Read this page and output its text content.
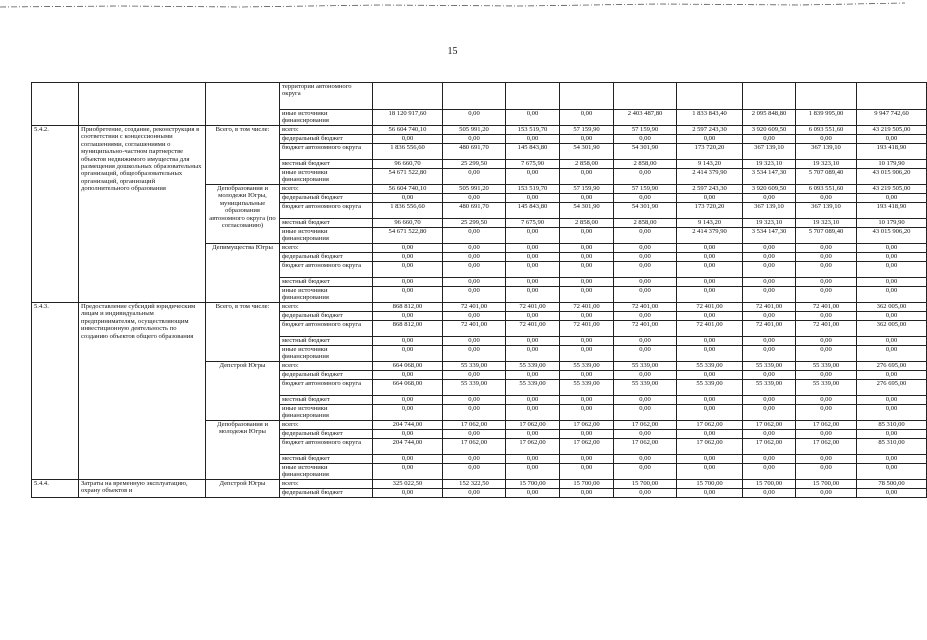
15
			территории автономного округа									
			иные источники финансирования	18 120 917,60	0,00	0,00	0,00	2 403 487,80	1 833 843,40	2 095 848,80	1 839 995,00	9 947 742,60
5.4.2.	Приобретение, создание, реконструкция в соответствии с концессионными соглашениями, соглашениями о муниципально-частном партнерстве объектов недвижимого имущества для размещения дошкольных образовательных организаций, общеобразовательных организаций, организаций дополнительного образования	Всего, в том числе:	всего:	56 604 740,10	505 991,20	153 519,70	57 159,90	57 159,90	2 597 243,30	3 920 609,50	6 093 551,60	43 219 505,00
			федеральный бюджет	0,00	0,00	0,00	0,00	0,00	0,00	0,00	0,00	0,00
			бюджет автономного округа	1 836 556,60	480 691,70	145 843,80	54 301,90	54 301,90	173 720,20	367 139,10	367 139,10	193 418,90
			местный бюджет	96 660,70	25 299,50	7 675,90	2 858,00	2 858,00	9 143,20	19 323,10	19 323,10	10 179,90
			иные источники финансирования	54 671 522,80	0,00	0,00	0,00	0,00	2 414 379,90	3 534 147,30	5 707 089,40	43 015 906,20
		Депобразования и молодежи Югры, муниципальные образования автономного округа (по согласованию)	всего:	56 604 740,10	505 991,20	153 519,70	57 159,90	57 159,90	2 597 243,30	3 920 609,50	6 093 551,60	43 219 505,00
			федеральный бюджет	0,00	0,00	0,00	0,00	0,00	0,00	0,00	0,00	0,00
			бюджет автономного округа	1 836 556,60	480 691,70	145 843,80	54 301,90	54 301,90	173 720,20	367 139,10	367 139,10	193 418,90
			местный бюджет	96 660,70	25 299,50	7 675,90	2 858,00	2 858,00	9 143,20	19 323,10	19 323,10	10 179,90
			иные источники финансирования	54 671 522,80	0,00	0,00	0,00	0,00	2 414 379,90	3 534 147,30	5 707 089,40	43 015 906,20
		Депимущества Югры	всего:	0,00	0,00	0,00	0,00	0,00	0,00	0,00	0,00	0,00
			федеральный бюджет	0,00	0,00	0,00	0,00	0,00	0,00	0,00	0,00	0,00
			бюджет автономного округа	0,00	0,00	0,00	0,00	0,00	0,00	0,00	0,00	0,00
			местный бюджет	0,00	0,00	0,00	0,00	0,00	0,00	0,00	0,00	0,00
			иные источники финансирования	0,00	0,00	0,00	0,00	0,00	0,00	0,00	0,00	0,00
5.4.3.	Предоставление субсидий юридическим лицам и индивидуальным предпринимателям, осуществляющим инвестиционную деятельность по созданию объектов общего образования	Всего, в том числе:	всего:	868 812,00	72 401,00	72 401,00	72 401,00	72 401,00	72 401,00	72 401,00	72 401,00	362 005,00
			федеральный бюджет	0,00	0,00	0,00	0,00	0,00	0,00	0,00	0,00	0,00
			бюджет автономного округа	868 812,00	72 401,00	72 401,00	72 401,00	72 401,00	72 401,00	72 401,00	72 401,00	362 005,00
			местный бюджет	0,00	0,00	0,00	0,00	0,00	0,00	0,00	0,00	0,00
			иные источники финансирования	0,00	0,00	0,00	0,00	0,00	0,00	0,00	0,00	0,00
		Депстрой Югры	всего:	664 068,00	55 339,00	55 339,00	55 339,00	55 339,00	55 339,00	55 339,00	55 339,00	276 695,00
			федеральный бюджет	0,00	0,00	0,00	0,00	0,00	0,00	0,00	0,00	0,00
			бюджет автономного округа	664 068,00	55 339,00	55 339,00	55 339,00	55 339,00	55 339,00	55 339,00	55 339,00	276 695,00
			местный бюджет	0,00	0,00	0,00	0,00	0,00	0,00	0,00	0,00	0,00
			иные источники финансирования	0,00	0,00	0,00	0,00	0,00	0,00	0,00	0,00	0,00
		Депобразования и молодежи Югры	всего:	204 744,00	17 062,00	17 062,00	17 062,00	17 062,00	17 062,00	17 062,00	17 062,00	85 310,00
			федеральный бюджет	0,00	0,00	0,00	0,00	0,00	0,00	0,00	0,00	0,00
			бюджет автономного округа	204 744,00	17 062,00	17 062,00	17 062,00	17 062,00	17 062,00	17 062,00	17 062,00	85 310,00
			местный бюджет	0,00	0,00	0,00	0,00	0,00	0,00	0,00	0,00	0,00
			иные источники финансирования	0,00	0,00	0,00	0,00	0,00	0,00	0,00	0,00	0,00
5.4.4.	Затраты на временную эксплуатацию, охрану объектов и	Депстрой Югры	всего:	325 022,50	152 322,50	15 700,00	15 700,00	15 700,00	15 700,00	15 700,00	15 700,00	78 500,00
			федеральный бюджет	0,00	0,00	0,00	0,00	0,00	0,00	0,00	0,00	0,00
